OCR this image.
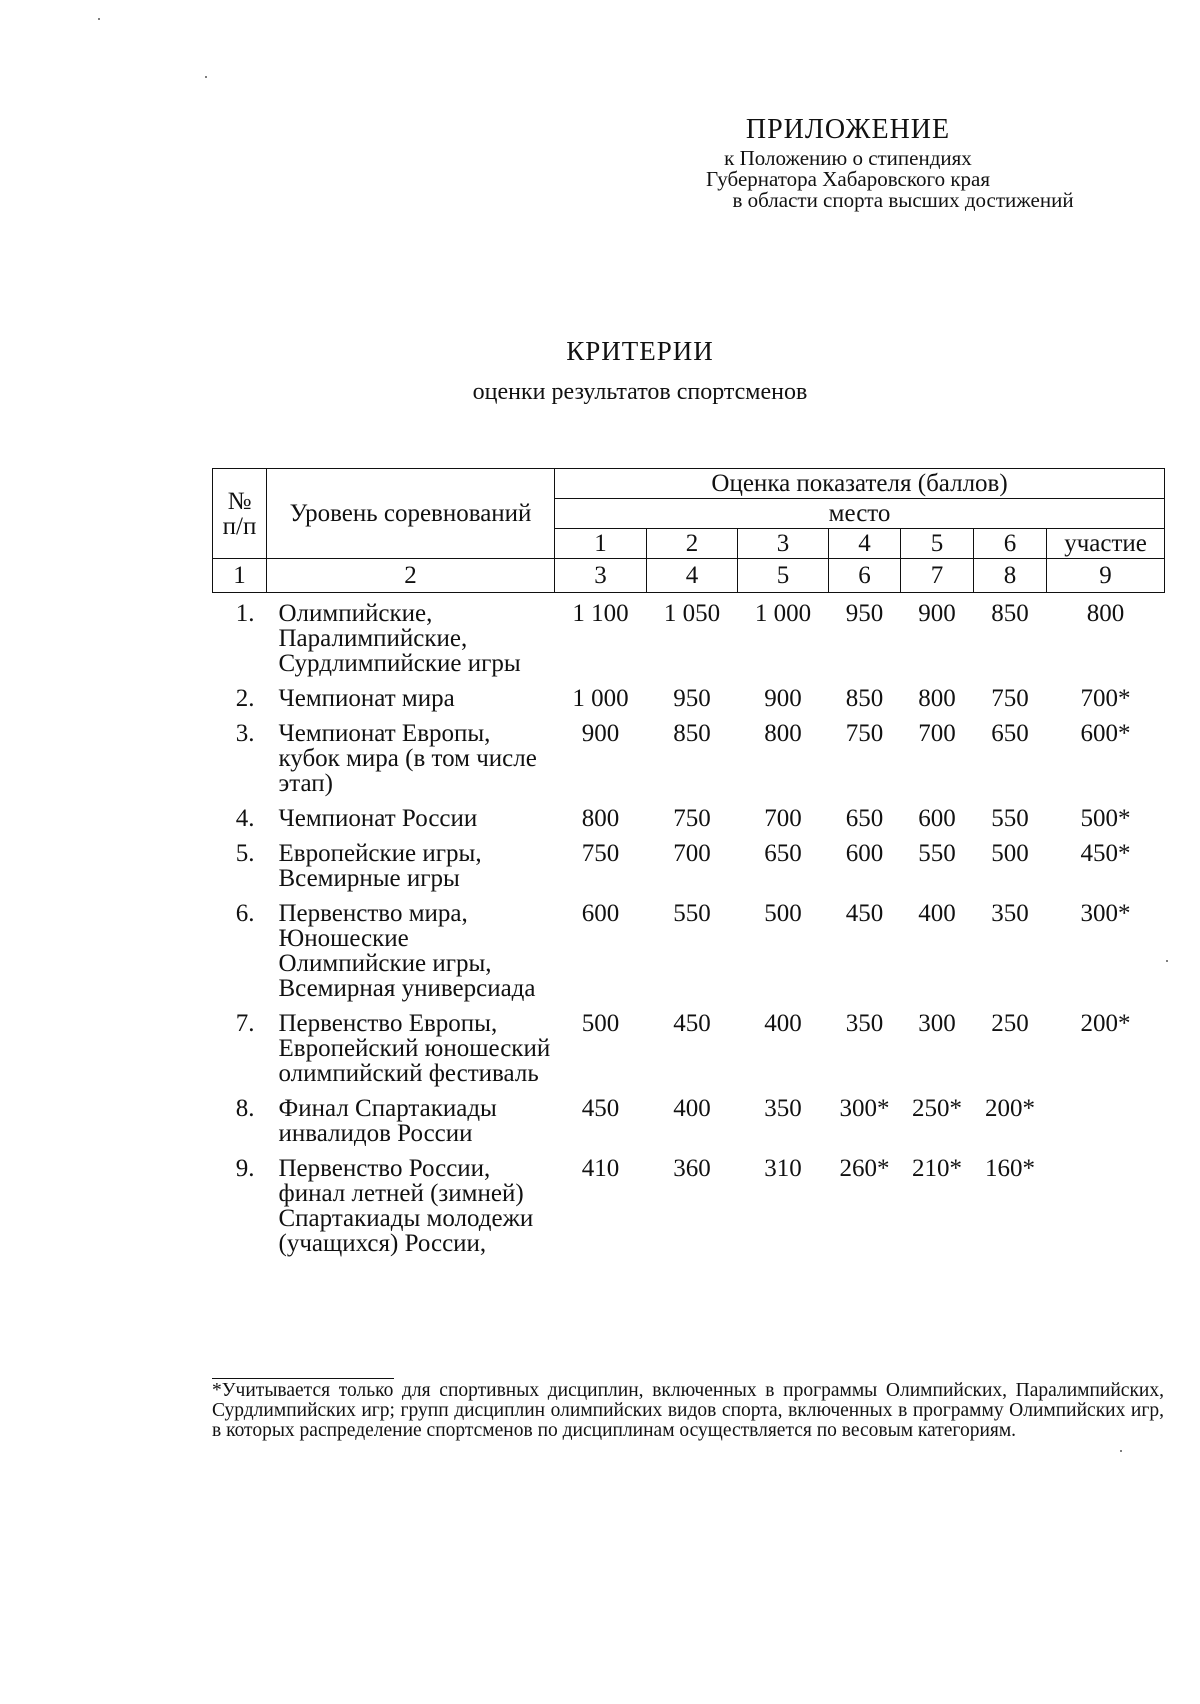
ПРИЛОЖЕНИЕ
к Положению о стипендиях
Губернатора Хабаровского края
в области спорта высших достижений
КРИТЕРИИ
оценки результатов спортсменов
№ п/п	Уровень соревнований	Оценка показателя (баллов)						
		место						
		1	2	3	4	5	6	участие
1	2	3	4	5	6	7	8	9
1.	Олимпийские, Паралимпийские, Сурдлимпийские игры	1 100	1 050	1 000	950	900	850	800
2.	Чемпионат мира	1 000	950	900	850	800	750	700*
3.	Чемпионат Европы, кубок мира (в том числе этап)	900	850	800	750	700	650	600*
4.	Чемпионат России	800	750	700	650	600	550	500*
5.	Европейские игры, Всемирные игры	750	700	650	600	550	500	450*
6.	Первенство мира, Юношеские Олимпийские игры, Всемирная универсиада	600	550	500	450	400	350	300*
7.	Первенство Европы, Европейский юношеский олимпийский фестиваль	500	450	400	350	300	250	200*
8.	Финал Спартакиады инвалидов России	450	400	350	300*	250*	200*	
9.	Первенство России, финал летней (зимней) Спартакиады молодежи (учащихся) России,	410	360	310	260*	210*	160*	
*Учитывается только для спортивных дисциплин, включенных в программы Олимпийских, Паралимпийских, Сурдлимпийских игр; групп дисциплин олимпийских видов спорта, включенных в программу Олимпийских игр, в которых распределение спортсменов по дисциплинам осуществляется по весовым категориям.
